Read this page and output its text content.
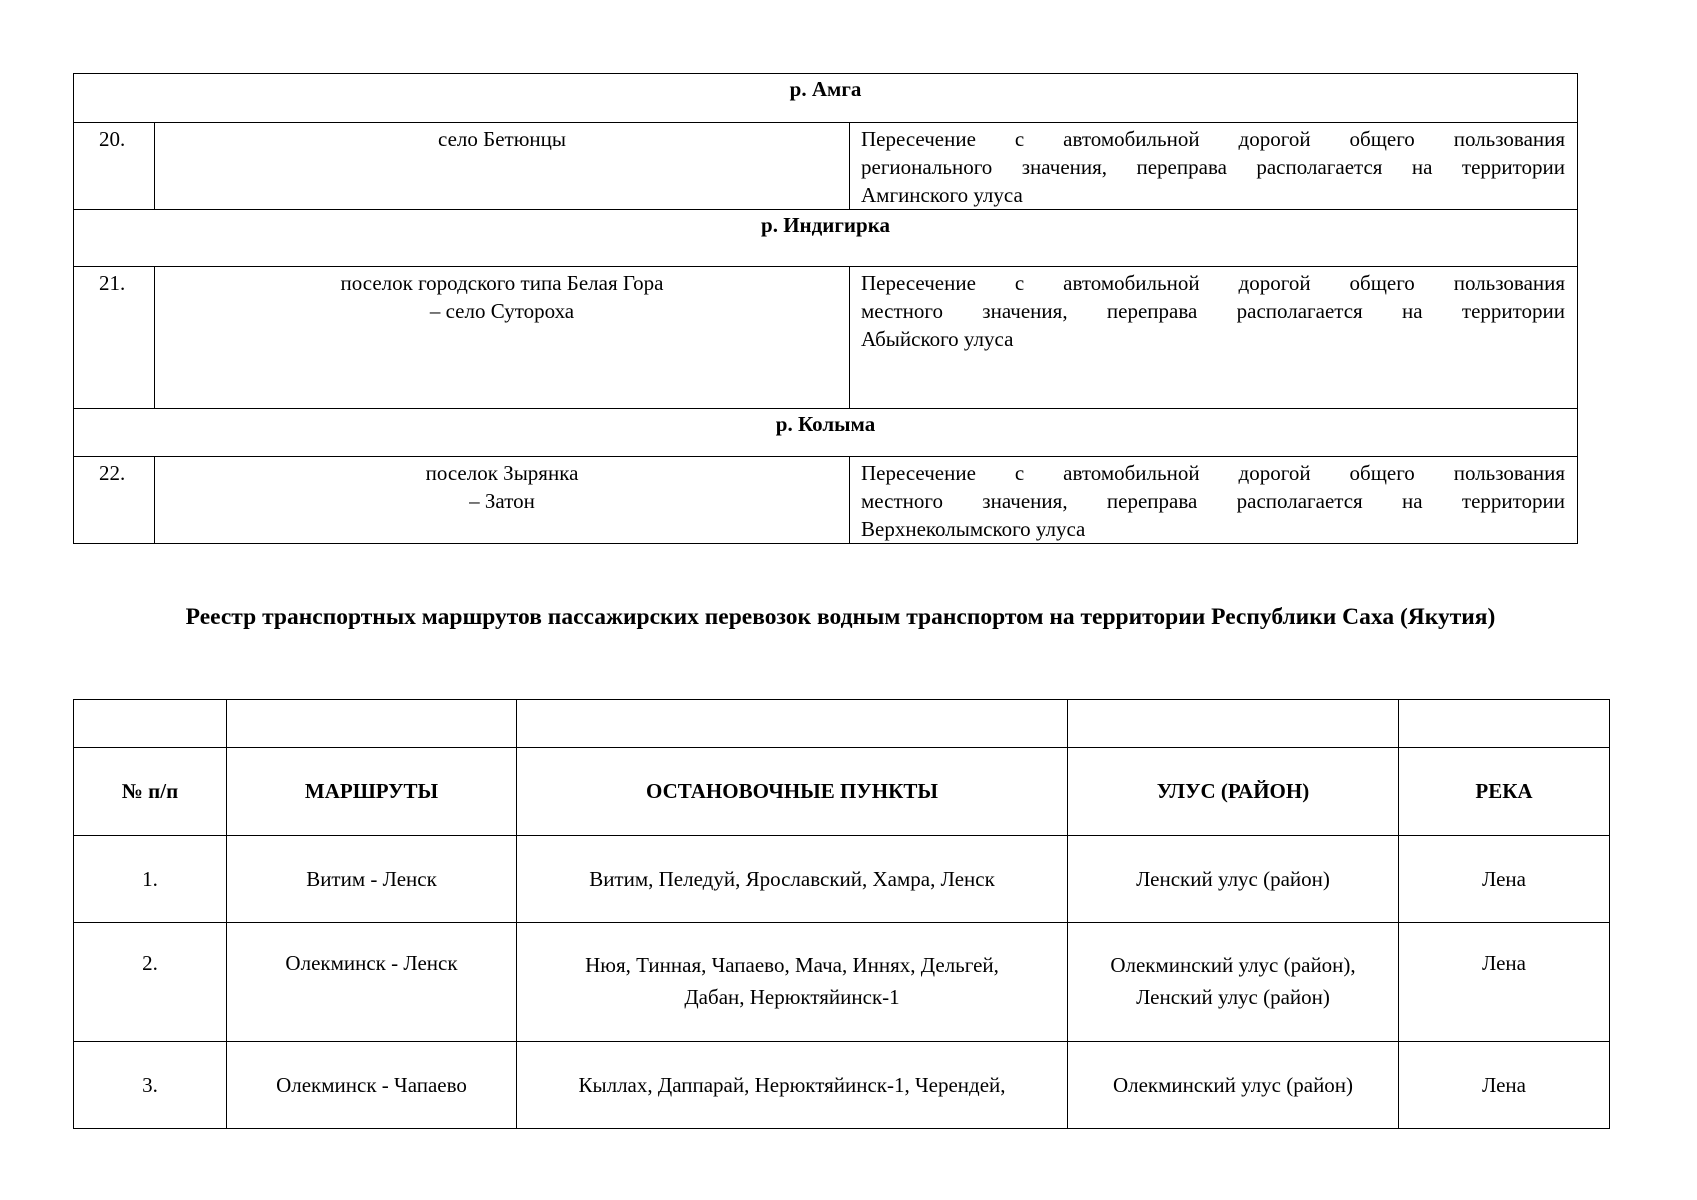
р. Амга		
20.	село Бетюнцы	Пересечение с автомобильной дорогой общего пользования
регионального значения, переправа располагается на территории
Амгинского улуса

р. Индигирка		
21.	поселок городского типа Белая Гора
– село Сутороха	Пересечение с автомобильной дорогой общего пользования
местного значения, переправа располагается на территории
Абыйского улуса

р. Колыма		
22.	поселок Зырянка
– Затон	Пересечение с автомобильной дорогой общего пользования
местного значения, переправа располагается на территории
Верхнеколымского улуса
Реестр транспортных маршрутов пассажирских перевозок водным транспортом на территории Республики Саха (Якутия)

№ п/п	МАРШРУТЫ	ОСТАНОВОЧНЫЕ ПУНКТЫ	УЛУС (РАЙОН)	РЕКА
1.	Витим - Ленск	Витим, Пеледуй, Ярославский, Хамра, Ленск	Ленский улус (район)	Лена
2.	Олекминск - Ленск	Нюя, Тинная, Чапаево, Мача, Иннях, Дельгей,
Дабан, Нерюктяйинск-1	Олекминский улус (район),
Ленский улус (район)	Лена
3.	Олекминск - Чапаево	Кыллах, Даппарай, Нерюктяйинск-1, Черендей,	Олекминский улус (район)	Лена
